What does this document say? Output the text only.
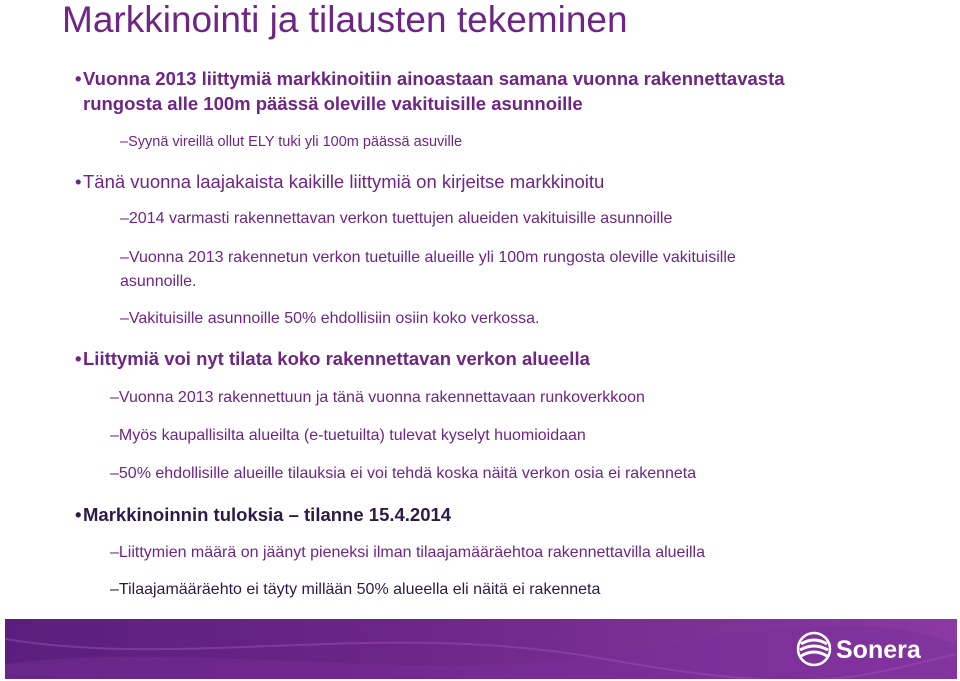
Markkinointi ja tilausten tekeminen
•Vuonna 2013 liittymiä markkinoitiin ainoastaan samana vuonna rakennettavasta
rungosta alle 100m päässä oleville vakituisille asunnoille
–Syynä vireillä ollut ELY tuki yli 100m päässä asuville
•Tänä vuonna laajakaista kaikille liittymiä on kirjeitse markkinoitu
–2014 varmasti rakennettavan verkon tuettujen alueiden vakituisille asunnoille
–Vuonna 2013 rakennetun verkon tuetuille alueille yli 100m rungosta oleville vakituisille
asunnoille.
–Vakituisille asunnoille 50% ehdollisiin osiin koko verkossa.
•Liittymiä voi nyt tilata koko rakennettavan verkon alueella
–Vuonna 2013 rakennettuun ja tänä vuonna rakennettavaan runkoverkkoon
–Myös kaupallisilta alueilta (e-tuetuilta) tulevat kyselyt huomioidaan
–50% ehdollisille alueille tilauksia ei voi tehdä koska näitä verkon osia ei rakenneta
•Markkinoinnin tuloksia – tilanne 15.4.2014
–Liittymien määrä on jäänyt pieneksi ilman tilaajamääräehtoa rakennettavilla alueilla
–Tilaajamääräehto ei täyty millään 50% alueella eli näitä ei rakenneta
Sonera
